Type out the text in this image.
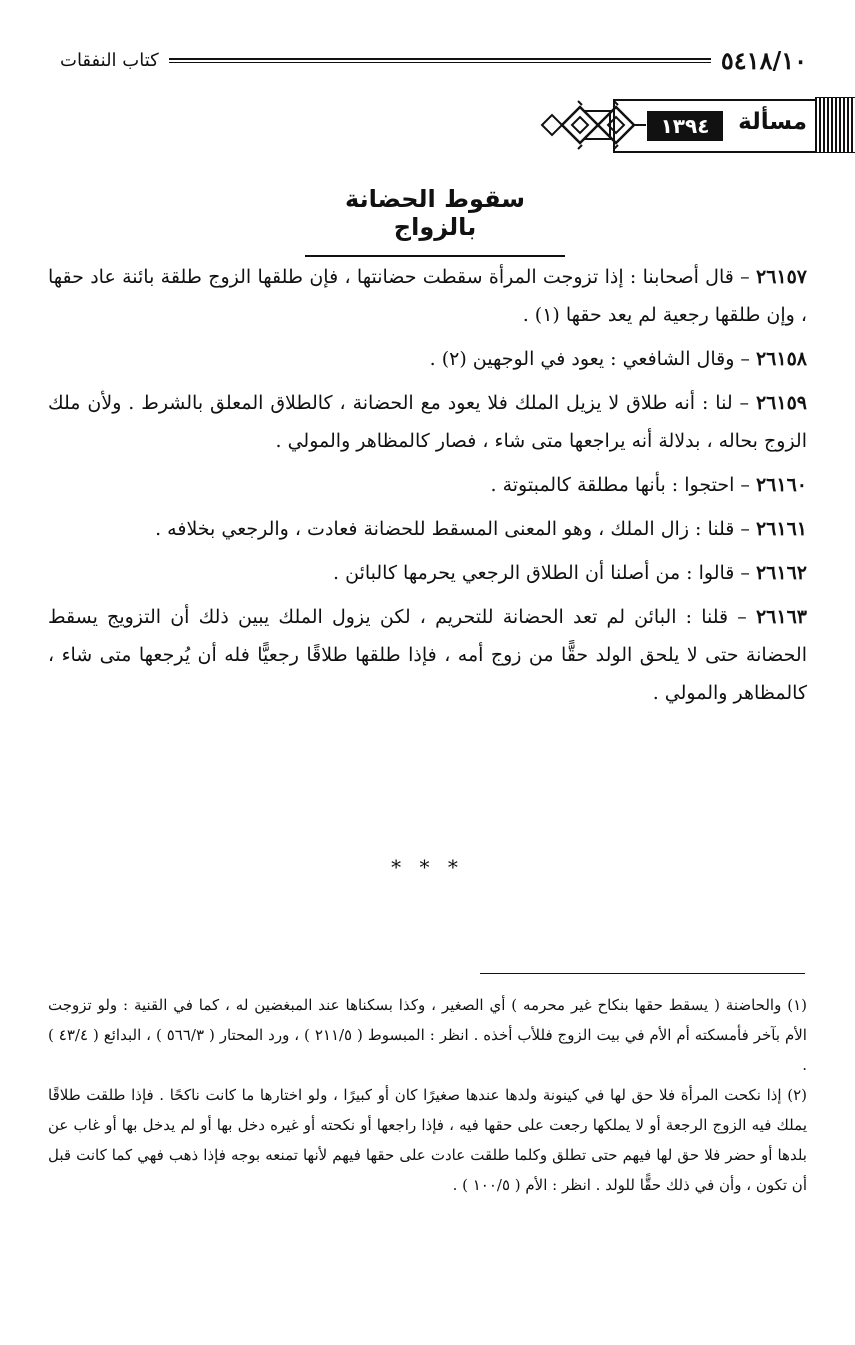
٥٤١٨/١٠
كتاب النفقات
مسألة
١٣٩٤
سقوط الحضانة بالزواج

٢٦١٥٧ – قال أصحابنا : إذا تزوجت المرأة سقطت حضانتها ، فإن طلقها الزوج طلقة بائنة عاد حقها ، وإن طلقها رجعية لم يعد حقها (١) .

٢٦١٥٨ – وقال الشافعي : يعود في الوجهين (٢) .

٢٦١٥٩ – لنا : أنه طلاق لا يزيل الملك فلا يعود مع الحضانة ، كالطلاق المعلق بالشرط . ولأن ملك الزوج بحاله ، بدلالة أنه يراجعها متى شاء ، فصار كالمظاهر والمولي .

٢٦١٦٠ – احتجوا : بأنها مطلقة كالمبتوتة .

٢٦١٦١ – قلنا : زال الملك ، وهو المعنى المسقط للحضانة فعادت ، والرجعي بخلافه .

٢٦١٦٢ – قالوا : من أصلنا أن الطلاق الرجعي يحرمها كالبائن .

٢٦١٦٣ – قلنا : البائن لم تعد الحضانة للتحريم ، لكن يزول الملك يبين ذلك أن التزويج يسقط الحضانة حتى لا يلحق الولد حقًّا من زوج أمه ، فإذا طلقها طلاقًا رجعيًّا فله أن يُرجعها متى شاء ، كالمظاهر والمولي .

* * *

(١) والحاضنة ( يسقط حقها بنكاح غير محرمه ) أي الصغير ، وكذا بسكناها عند المبغضين له ، كما في القنية : ولو تزوجت الأم بآخر فأمسكته أم الأم في بيت الزوج فللأب أخذه . انظر : المبسوط ( ٢١١/٥ ) ، ورد المحتار ( ٥٦٦/٣ ) ، البدائع ( ٤٣/٤ ) .

(٢) إذا نكحت المرأة فلا حق لها في كينونة ولدها عندها صغيرًا كان أو كبيرًا ، ولو اختارها ما كانت ناكحًا . فإذا طلقت طلاقًا يملك فيه الزوج الرجعة أو لا يملكها رجعت على حقها فيه ، فإذا راجعها أو نكحته أو غيره دخل بها أو لم يدخل بها أو غاب عن بلدها أو حضر فلا حق لها فيهم حتى تطلق وكلما طلقت عادت على حقها فيهم لأنها تمنعه بوجه فإذا ذهب فهي كما كانت قبل أن تكون ، وأن في ذلك حقًّا للولد . انظر : الأم ( ١٠٠/٥ ) .
